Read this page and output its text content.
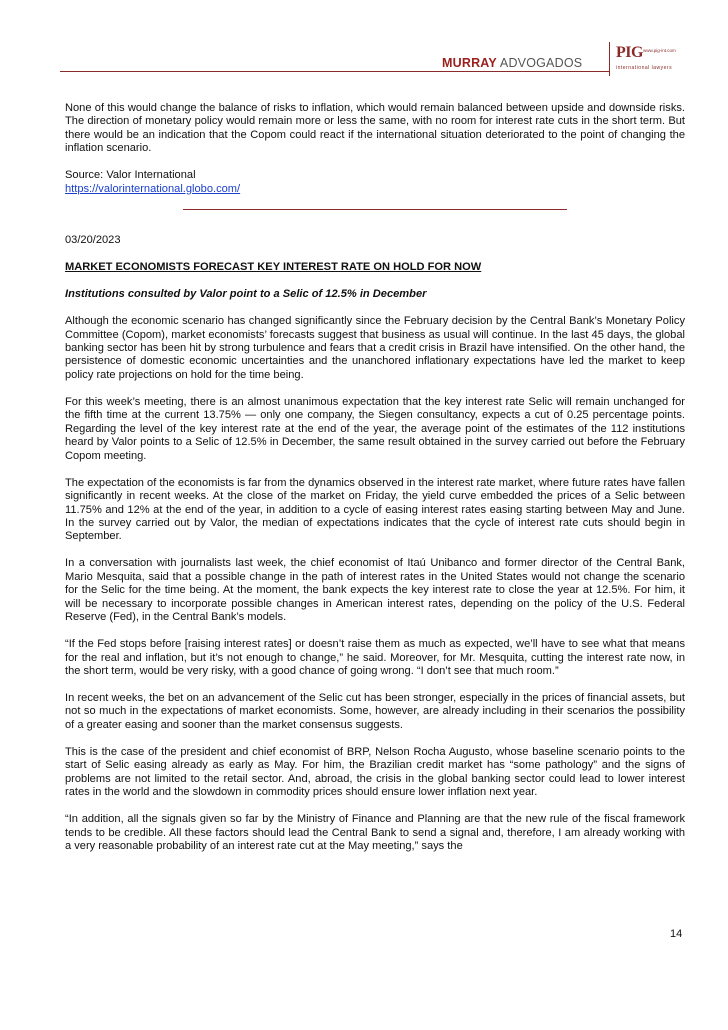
MURRAY ADVOGADOS
PIG www.pig-int.com
international lawyers

None of this would change the balance of risks to inflation, which would remain balanced between upside and downside risks. The direction of monetary policy would remain more or less the same, with no room for interest rate cuts in the short term. But there would be an indication that the Copom could react if the international situation deteriorated to the point of changing the inflation scenario.

Source: Valor International

https://valorinternational.globo.com/

03/20/2023

MARKET ECONOMISTS FORECAST KEY INTEREST RATE ON HOLD FOR NOW

Institutions consulted by Valor point to a Selic of 12.5% in December

Although the economic scenario has changed significantly since the February decision by the Central Bank’s Monetary Policy Committee (Copom), market economists’ forecasts suggest that business as usual will continue. In the last 45 days, the global banking sector has been hit by strong turbulence and fears that a credit crisis in Brazil have intensified. On the other hand, the persistence of domestic economic uncertainties and the unanchored inflationary expectations have led the market to keep policy rate projections on hold for the time being.

For this week’s meeting, there is an almost unanimous expectation that the key interest rate Selic will remain unchanged for the fifth time at the current 13.75% — only one company, the Siegen consultancy, expects a cut of 0.25 percentage points. Regarding the level of the key interest rate at the end of the year, the average point of the estimates of the 112 institutions heard by Valor points to a Selic of 12.5% in December, the same result obtained in the survey carried out before the February Copom meeting.

The expectation of the economists is far from the dynamics observed in the interest rate market, where future rates have fallen significantly in recent weeks. At the close of the market on Friday, the yield curve embedded the prices of a Selic between 11.75% and 12% at the end of the year, in addition to a cycle of easing interest rates easing starting between May and June. In the survey carried out by Valor, the median of expectations indicates that the cycle of interest rate cuts should begin in September.

In a conversation with journalists last week, the chief economist of Itaú Unibanco and former director of the Central Bank, Mario Mesquita, said that a possible change in the path of interest rates in the United States would not change the scenario for the Selic for the time being. At the moment, the bank expects the key interest rate to close the year at 12.5%. For him, it will be necessary to incorporate possible changes in American interest rates, depending on the policy of the U.S. Federal Reserve (Fed), in the Central Bank’s models.

“If the Fed stops before [raising interest rates] or doesn’t raise them as much as expected, we’ll have to see what that means for the real and inflation, but it’s not enough to change,” he said. Moreover, for Mr. Mesquita, cutting the interest rate now, in the short term, would be very risky, with a good chance of going wrong. “I don’t see that much room.”

In recent weeks, the bet on an advancement of the Selic cut has been stronger, especially in the prices of financial assets, but not so much in the expectations of market economists. Some, however, are already including in their scenarios the possibility of a greater easing and sooner than the market consensus suggests.

This is the case of the president and chief economist of BRP, Nelson Rocha Augusto, whose baseline scenario points to the start of Selic easing already as early as May. For him, the Brazilian credit market has “some pathology” and the signs of problems are not limited to the retail sector. And, abroad, the crisis in the global banking sector could lead to lower interest rates in the world and the slowdown in commodity prices should ensure lower inflation next year.

“In addition, all the signals given so far by the Ministry of Finance and Planning are that the new rule of the fiscal framework tends to be credible. All these factors should lead the Central Bank to send a signal and, therefore, I am already working with a very reasonable probability of an interest rate cut at the May meeting,” says the

14
